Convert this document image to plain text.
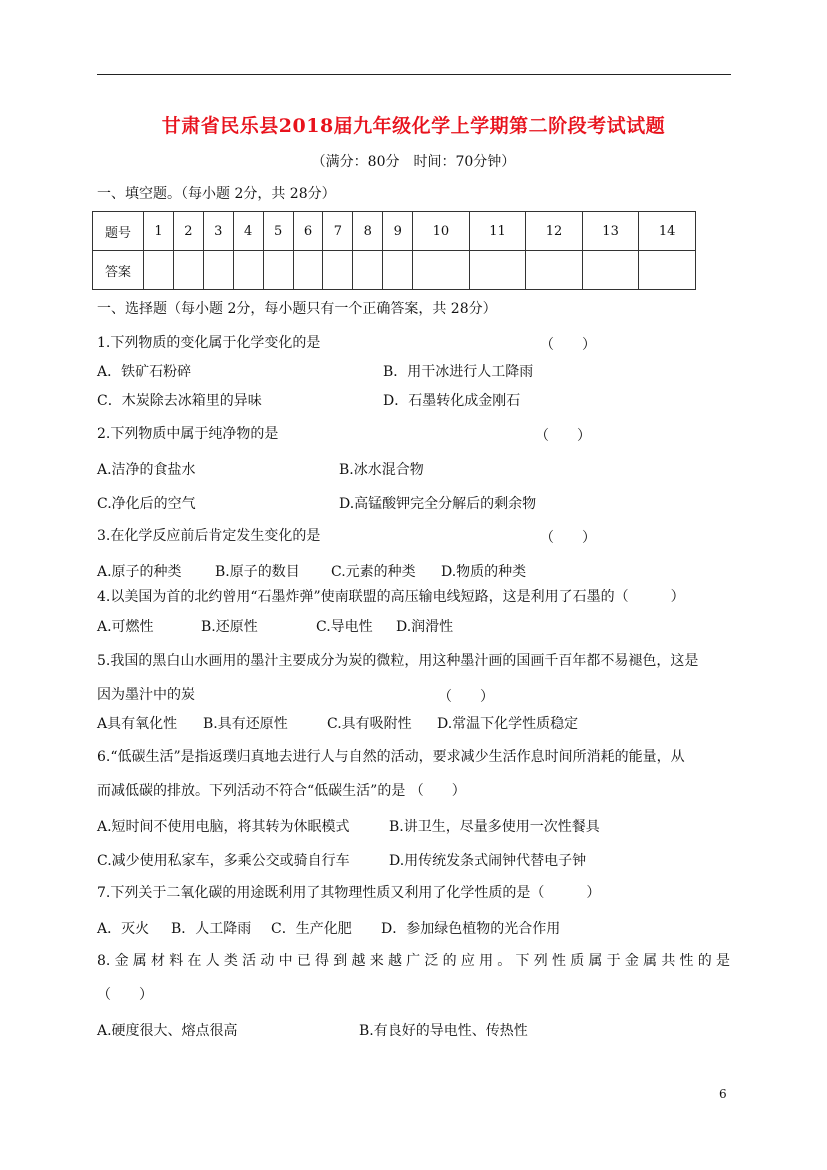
甘肃省民乐县2018届九年级化学上学期第二阶段考试试题
（满分：80分　时间：70分钟）
一、填空题。（每小题 2分，共 28分）
题号	1	2	3	4	5	6	7	8	9	10	11	12	13	14
答案														
一、选择题（每小题 2分，每小题只有一个正确答案，共 28分）
1.下列物质的变化属于化学变化的是	（　　）
A．铁矿石粉碎	B．用干冰进行人工降雨
C．木炭除去冰箱里的异味	D．石墨转化成金刚石
2.下列物质中属于纯净物的是	（　　）
A.洁净的食盐水	B.冰水混合物
C.净化后的空气	D.高锰酸钾完全分解后的剩余物
3.在化学反应前后肯定发生变化的是	（　　）
A.原子的种类 B.原子的数目 C.元素的种类 D.物质的种类
4.以美国为首的北约曾用“石墨炸弹”使南联盟的高压输电线短路，这是利用了石墨的（　　　）
A.可燃性	B.还原性	C.导电性 D.润滑性
5.我国的黑白山水画用的墨汁主要成分为炭的微粒，用这种墨汁画的国画千百年都不易褪色，这是
因为墨汁中的炭	（　　）
A具有氧化性 B.具有还原性	C.具有吸附性 D.常温下化学性质稳定
6.“低碳生活”是指返璞归真地去进行人与自然的活动，要求减少生活作息时间所消耗的能量，从
而减低碳的排放。下列活动不符合“低碳生活”的是 （　　）
A.短时间不使用电脑，将其转为休眠模式	B.讲卫生，尽量多使用一次性餐具
C.减少使用私家车，多乘公交或骑自行车	D.用传统发条式闹钟代替电子钟
7.下列关于二氧化碳的用途既利用了其物理性质又利用了化学性质的是（　　　）
A．灭火 B．人工降雨 C．生产化肥 D．参加绿色植物的光合作用
8.金属材料在人类活动中已得到越来越广泛的应用。下列性质属于金属共性的是
（　　）
A.硬度很大、熔点很高	B.有良好的导电性、传热性
6
